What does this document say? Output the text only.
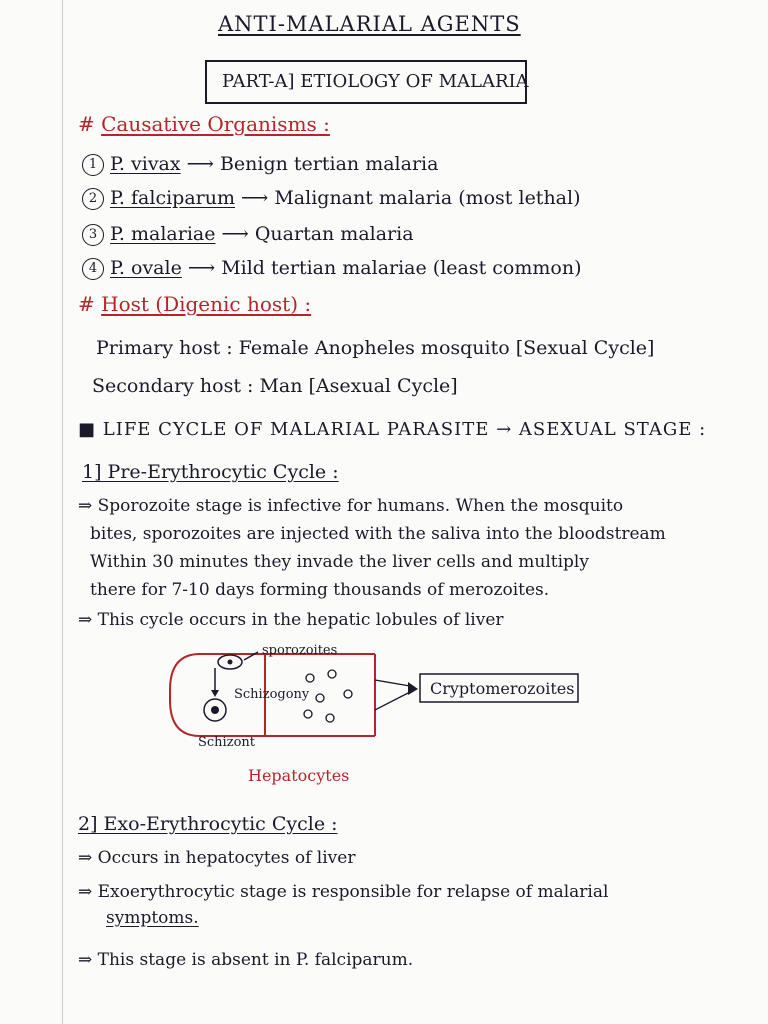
ANTI-MALARIAL AGENTS
PART-A] ETIOLOGY OF MALARIA
# Causative Organisms :
1 P. vivax ⟶ Benign tertian malaria
2 P. falciparum ⟶ Malignant malaria (most lethal)
3 P. malariae ⟶ Quartan malaria
4 P. ovale ⟶ Mild tertian malariae (least common)
# Host (Digenic host) :
Primary host : Female Anopheles mosquito [Sexual Cycle]
Secondary host : Man [Asexual Cycle]
■ LIFE CYCLE OF MALARIAL PARASITE → ASEXUAL STAGE :
1] Pre-Erythrocytic Cycle :
⇒ Sporozoite stage is infective for humans. When the mosquito
bites, sporozoites are injected with the saliva into the bloodstream
Within 30 minutes they invade the liver cells and multiply
there for 7-10 days forming thousands of merozoites.
⇒ This cycle occurs in the hepatic lobules of liver
Cryptomerozoites
sporozoites
Schizogony
Schizont
Hepatocytes
2] Exo-Erythrocytic Cycle :
⇒ Occurs in hepatocytes of liver
⇒ Exoerythrocytic stage is responsible for relapse of malarial
symptoms.
⇒ This stage is absent in P. falciparum.
